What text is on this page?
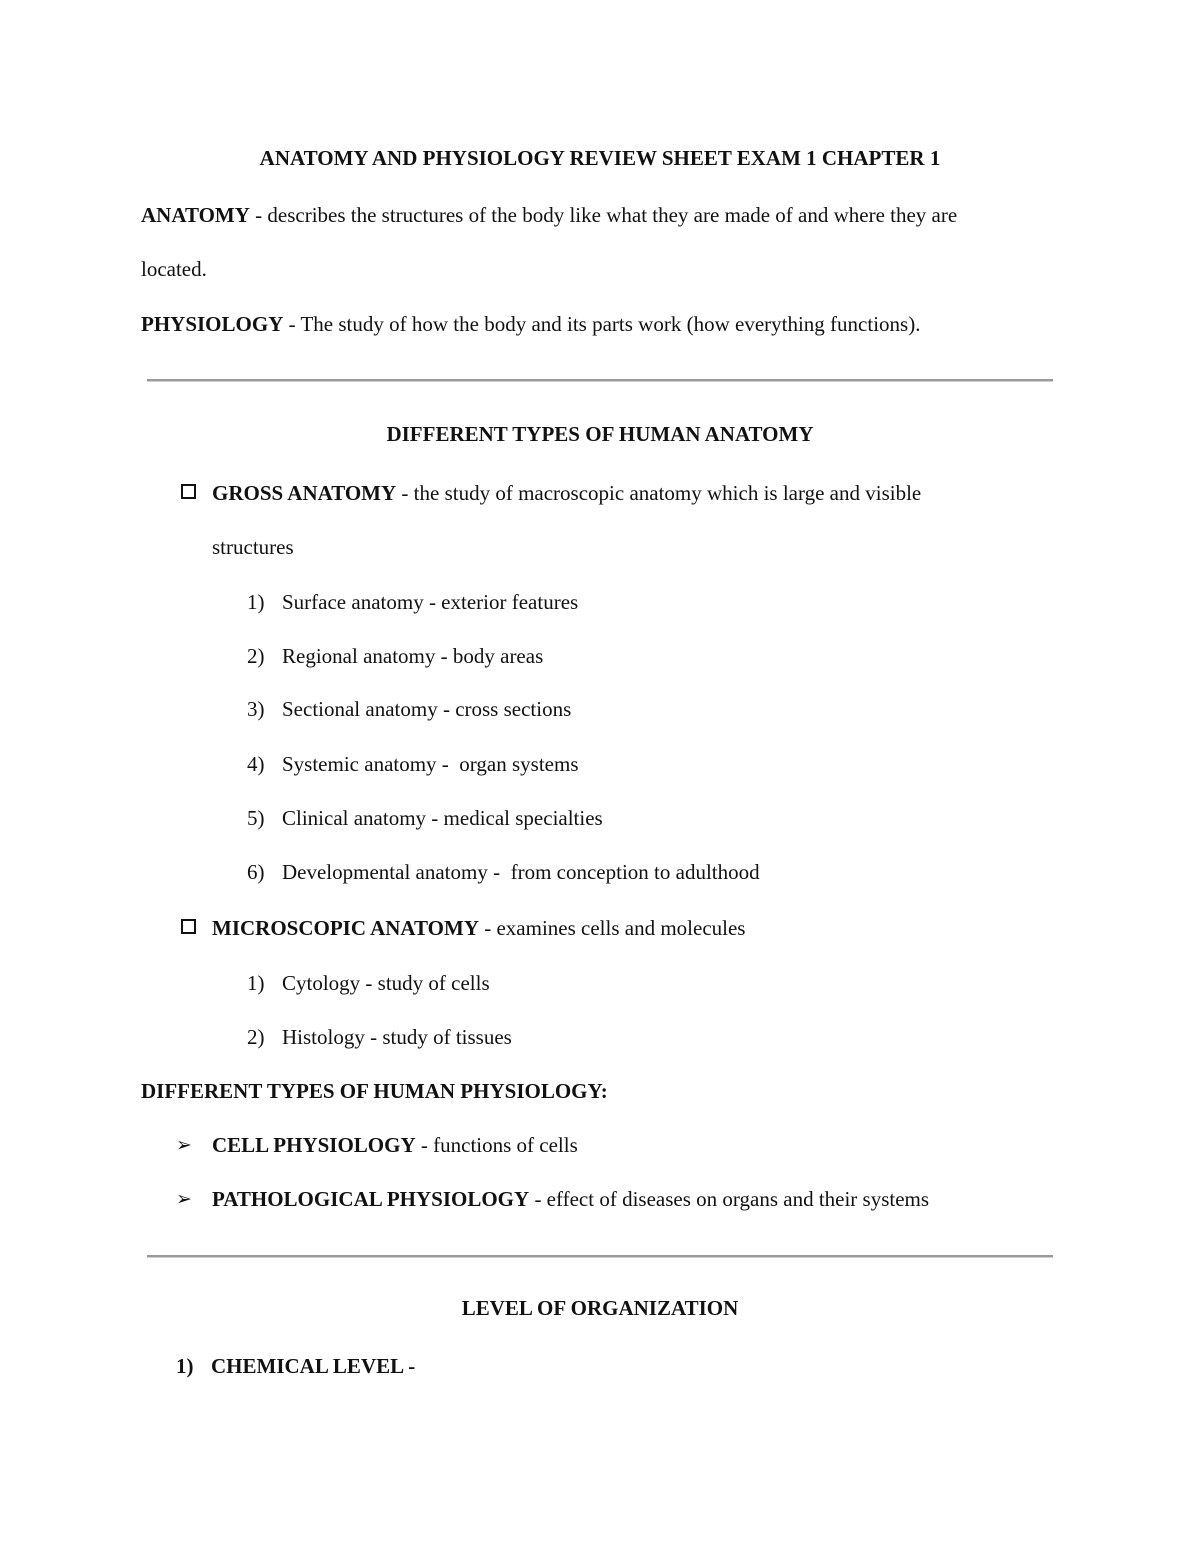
ANATOMY AND PHYSIOLOGY REVIEW SHEET EXAM 1 CHAPTER 1
ANATOMY - describes the structures of the body like what they are made of and where they are
located.
PHYSIOLOGY - The study of how the body and its parts work (how everything functions).
DIFFERENT TYPES OF HUMAN ANATOMY
GROSS ANATOMY - the study of macroscopic anatomy which is large and visible
structures
1) Surface anatomy - exterior features
2) Regional anatomy - body areas
3) Sectional anatomy - cross sections
4) Systemic anatomy -  organ systems
5) Clinical anatomy - medical specialties
6) Developmental anatomy -  from conception to adulthood
MICROSCOPIC ANATOMY - examines cells and molecules
1) Cytology - study of cells
2) Histology - study of tissues
DIFFERENT TYPES OF HUMAN PHYSIOLOGY:
➢ CELL PHYSIOLOGY - functions of cells
➢ PATHOLOGICAL PHYSIOLOGY - effect of diseases on organs and their systems
LEVEL OF ORGANIZATION
1) CHEMICAL LEVEL -
